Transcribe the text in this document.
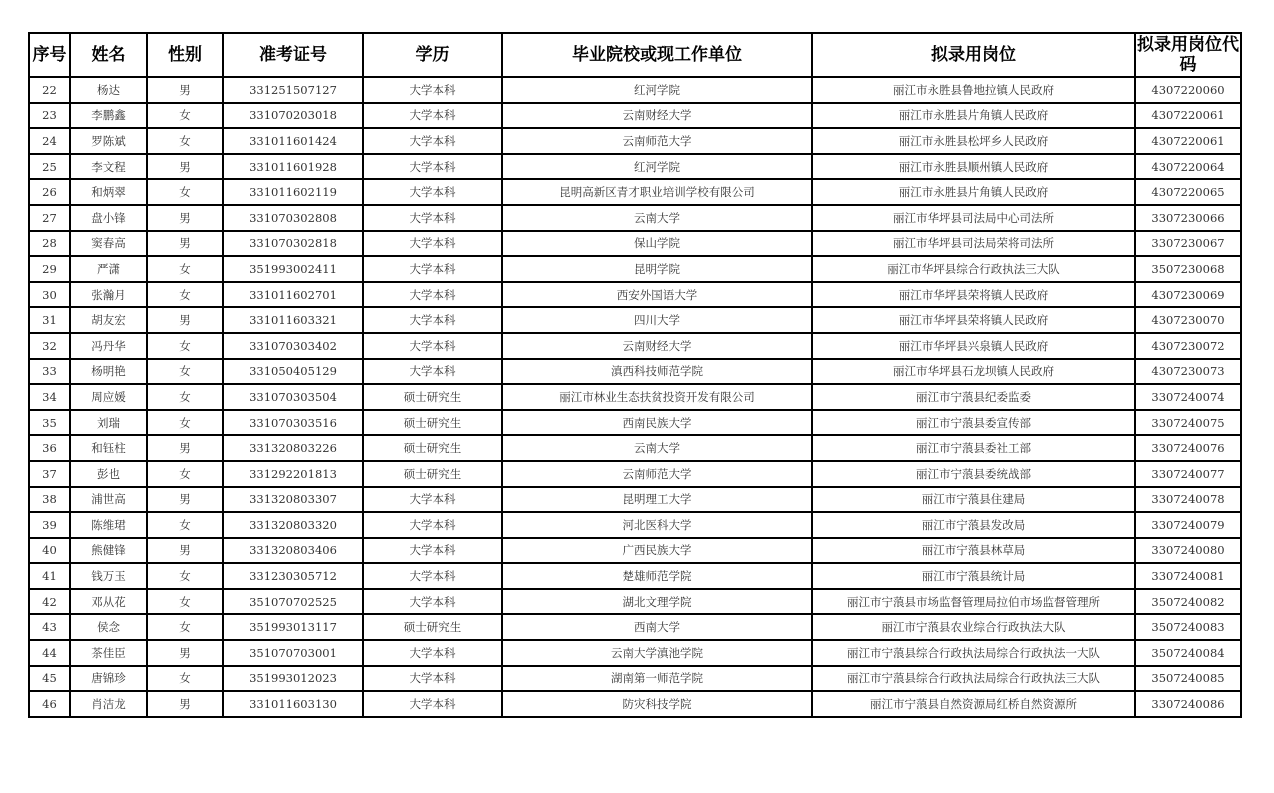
序号	姓名	性别	准考证号	学历	毕业院校或现工作单位	拟录用岗位	拟录用岗位代码
22	杨达	男	331251507127	大学本科	红河学院	丽江市永胜县鲁地拉镇人民政府	4307220060
23	李鹏鑫	女	331070203018	大学本科	云南财经大学	丽江市永胜县片角镇人民政府	4307220061
24	罗陈斌	女	331011601424	大学本科	云南师范大学	丽江市永胜县松坪乡人民政府	4307220061
25	李文程	男	331011601928	大学本科	红河学院	丽江市永胜县顺州镇人民政府	4307220064
26	和炳翠	女	331011602119	大学本科	昆明高新区青才职业培训学校有限公司	丽江市永胜县片角镇人民政府	4307220065
27	盘小锋	男	331070302808	大学本科	云南大学	丽江市华坪县司法局中心司法所	3307230066
28	窦春高	男	331070302818	大学本科	保山学院	丽江市华坪县司法局荣将司法所	3307230067
29	严潇	女	351993002411	大学本科	昆明学院	丽江市华坪县综合行政执法三大队	3507230068
30	张瀚月	女	331011602701	大学本科	西安外国语大学	丽江市华坪县荣将镇人民政府	4307230069
31	胡友宏	男	331011603321	大学本科	四川大学	丽江市华坪县荣将镇人民政府	4307230070
32	冯丹华	女	331070303402	大学本科	云南财经大学	丽江市华坪县兴泉镇人民政府	4307230072
33	杨明艳	女	331050405129	大学本科	滇西科技师范学院	丽江市华坪县石龙坝镇人民政府	4307230073
34	周应媛	女	331070303504	硕士研究生	丽江市林业生态扶贫投资开发有限公司	丽江市宁蒗县纪委监委	3307240074
35	刘瑞	女	331070303516	硕士研究生	西南民族大学	丽江市宁蒗县委宣传部	3307240075
36	和钰柱	男	331320803226	硕士研究生	云南大学	丽江市宁蒗县委社工部	3307240076
37	彭也	女	331292201813	硕士研究生	云南师范大学	丽江市宁蒗县委统战部	3307240077
38	浦世高	男	331320803307	大学本科	昆明理工大学	丽江市宁蒗县住建局	3307240078
39	陈维珺	女	331320803320	大学本科	河北医科大学	丽江市宁蒗县发改局	3307240079
40	熊健锋	男	331320803406	大学本科	广西民族大学	丽江市宁蒗县林草局	3307240080
41	钱万玉	女	331230305712	大学本科	楚雄师范学院	丽江市宁蒗县统计局	3307240081
42	邓从花	女	351070702525	大学本科	湖北文理学院	丽江市宁蒗县市场监督管理局拉伯市场监督管理所	3507240082
43	侯念	女	351993013117	硕士研究生	西南大学	丽江市宁蒗县农业综合行政执法大队	3507240083
44	茶佳臣	男	351070703001	大学本科	云南大学滇池学院	丽江市宁蒗县综合行政执法局综合行政执法一大队	3507240084
45	唐锦珍	女	351993012023	大学本科	湖南第一师范学院	丽江市宁蒗县综合行政执法局综合行政执法三大队	3507240085
46	肖洁龙	男	331011603130	大学本科	防灾科技学院	丽江市宁蒗县自然资源局红桥自然资源所	3307240086
